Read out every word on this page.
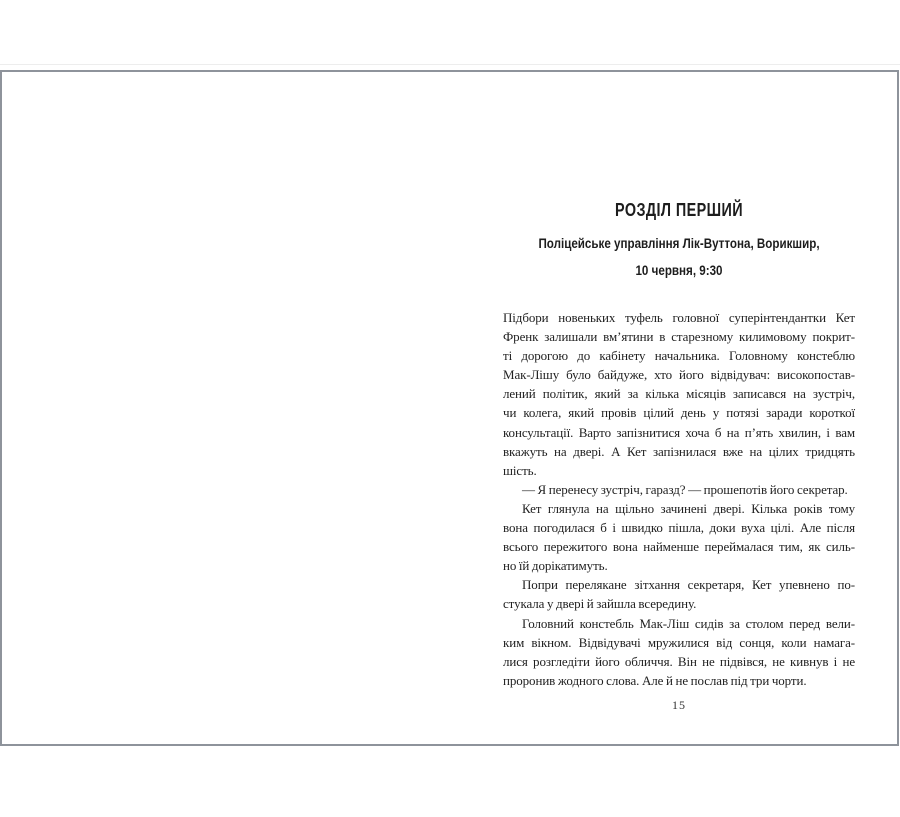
РОЗДІЛ ПЕРШИЙ
Поліцейське управління Лік-Вуттона, Ворикшир,
10 червня, 9:30
Підбори новеньких туфель головної суперінтендантки Кет
Френк залишали вм’ятини в старезному килимовому покрит-
ті дорогою до кабінету начальника. Головному констеблю
Мак-Лішу було байдуже, хто його відвідувач: високопостав-
лений політик, який за кілька місяців записався на зустріч,
чи колега, який провів цілий день у потязі заради короткої
консультації. Варто запізнитися хоча б на п’ять хвилин, і вам
вкажуть на двері. А Кет запізнилася вже на цілих тридцять
шість.
— Я перенесу зустріч, гаразд? — прошепотів його секретар.
Кет глянула на щільно зачинені двері. Кілька років тому
вона погодилася б і швидко пішла, доки вуха цілі. Але після
всього пережитого вона найменше переймалася тим, як силь-
но їй дорікатимуть.
Попри перелякане зітхання секретаря, Кет упевнено по-
стукала у двері й зайшла всередину.
Головний констебль Мак-Ліш сидів за столом перед вели-
ким вікном. Відвідувачі мружилися від сонця, коли намага-
лися розгледіти його обличчя. Він не підвівся, не кивнув і не
проронив жодного слова. Але й не послав під три чорти.
15
